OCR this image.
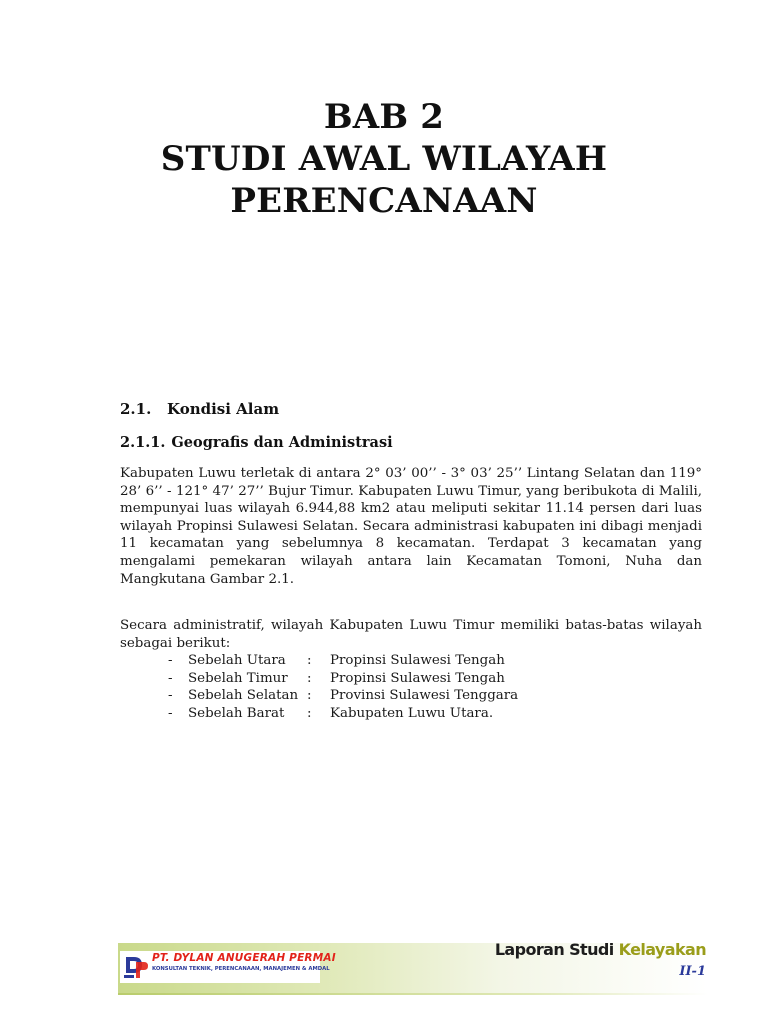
BAB 2
STUDI AWAL WILAYAH
PERENCANAAN
2.1. Kondisi Alam
2.1.1. Geografis dan Administrasi

Kabupaten Luwu terletak di antara 2° 03’ 00’’ - 3° 03’ 25’’ Lintang Selatan dan 119° 28’ 6’’ - 121° 47’ 27’’ Bujur Timur. Kabupaten Luwu Timur, yang beribukota di Malili, mempunyai luas wilayah 6.944,88 km2 atau meliputi sekitar 11.14 persen dari luas wilayah Propinsi Sulawesi Selatan. Secara administrasi kabupaten ini dibagi menjadi 11 kecamatan yang sebelumnya 8 kecamatan. Terdapat 3 kecamatan yang mengalami pemekaran wilayah antara lain Kecamatan Tomoni, Nuha dan Mangkutana Gambar 2.1.

Secara administratif, wilayah Kabupaten Luwu Timur memiliki batas-batas wilayah sebagai berikut:

- Sebelah Utara : Propinsi Sulawesi Tengah
- Sebelah Timur : Propinsi Sulawesi Tengah
- Sebelah Selatan : Provinsi Sulawesi Tenggara
- Sebelah Barat : Kabupaten Luwu Utara.
PT. DYLAN ANUGERAH PERMAI
KONSULTAN TEKNIK, PERENCANAAN, MANAJEMEN & AMDAL
Laporan Studi Kelayakan
II-1
